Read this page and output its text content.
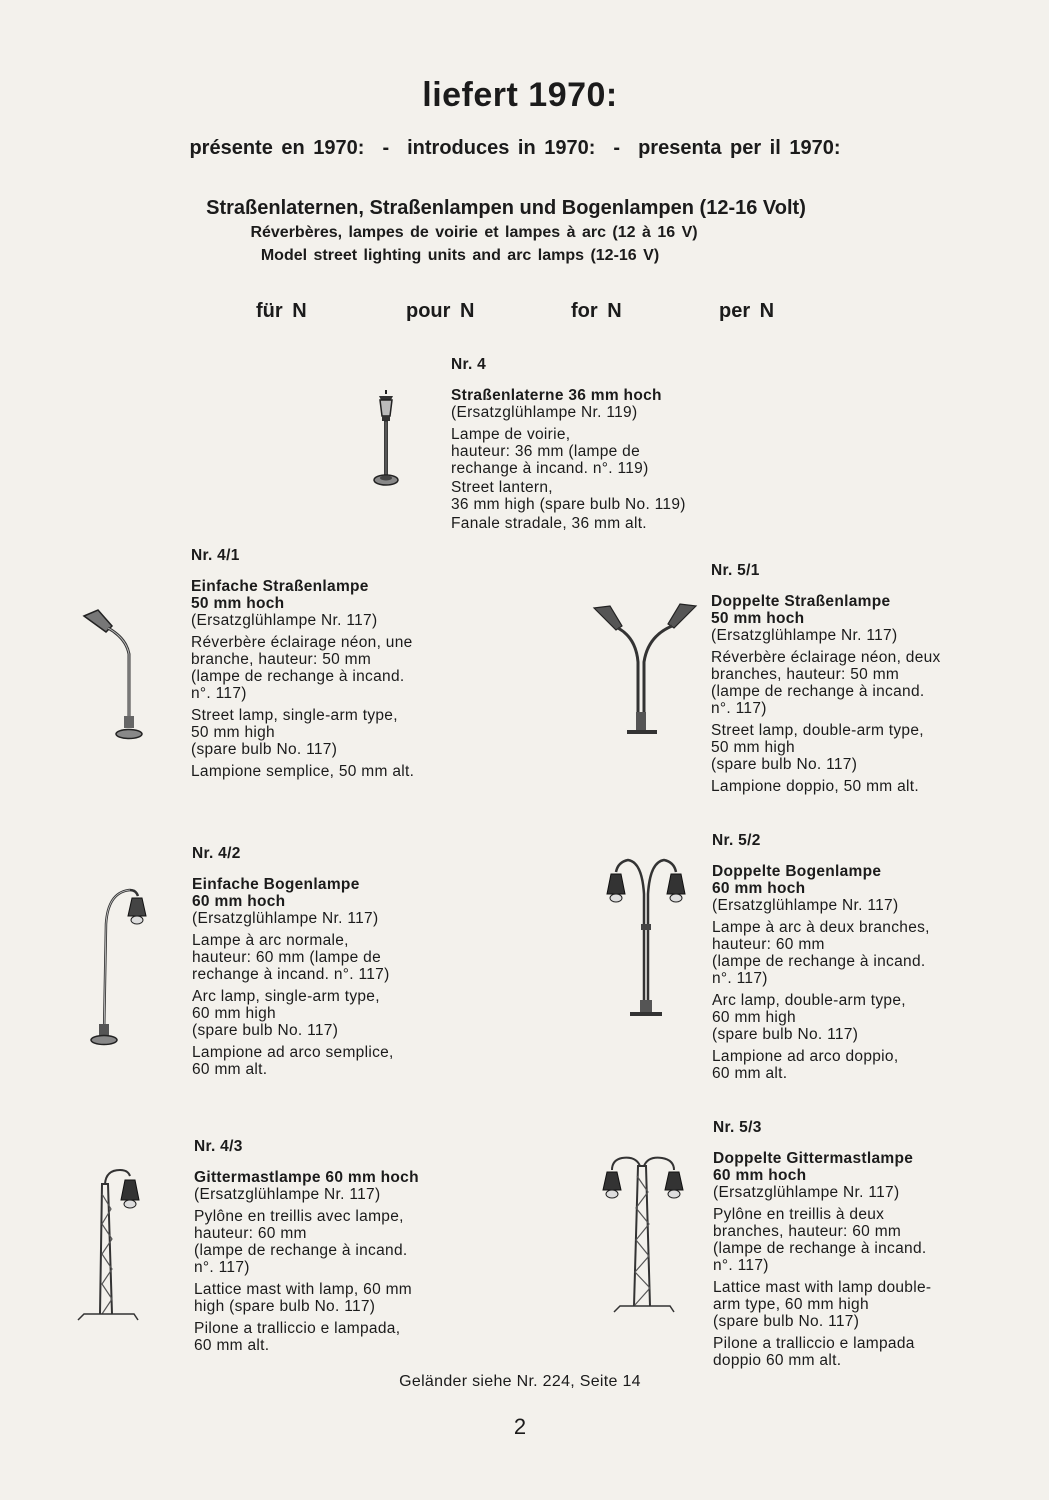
liefert 1970:
présente en 1970: - introduces in 1970: - presenta per il 1970:
Straßenlaternen, Straßenlampen und Bogenlampen (12-16 Volt)
Réverbères, lampes de voirie et lampes à arc (12 à 16 V)
Model street lighting units and arc lamps (12-16 V)
für N	pour N	for N	per N
Nr. 4
Straßenlaterne 36 mm hoch
(Ersatzglühlampe Nr. 119)
Lampe de voirie,
hauteur: 36 mm (lampe de
rechange à incand. n°. 119)
Street lantern,
36 mm high (spare bulb No. 119)
Fanale stradale, 36 mm alt.
Nr. 4/1
Einfache Straßenlampe
50 mm hoch
(Ersatzglühlampe Nr. 117)
Réverbère éclairage néon, une
branche, hauteur: 50 mm
(lampe de rechange à incand.
n°. 117)
Street lamp, single-arm type,
50 mm high
(spare bulb No. 117)
Lampione semplice, 50 mm alt.
Nr. 5/1
Doppelte Straßenlampe
50 mm hoch
(Ersatzglühlampe Nr. 117)
Réverbère éclairage néon, deux
branches, hauteur: 50 mm
(lampe de rechange à incand.
n°. 117)
Street lamp, double-arm type,
50 mm high
(spare bulb No. 117)
Lampione doppio, 50 mm alt.
Nr. 4/2
Einfache Bogenlampe
60 mm hoch
(Ersatzglühlampe Nr. 117)
Lampe à arc normale,
hauteur: 60 mm (lampe de
rechange à incand. n°. 117)
Arc lamp, single-arm type,
60 mm high
(spare bulb No. 117)
Lampione ad arco semplice,
60 mm alt.
Nr. 5/2
Doppelte Bogenlampe
60 mm hoch
(Ersatzglühlampe Nr. 117)
Lampe à arc à deux branches,
hauteur: 60 mm
(lampe de rechange à incand.
n°. 117)
Arc lamp, double-arm type,
60 mm high
(spare bulb No. 117)
Lampione ad arco doppio,
60 mm alt.
Nr. 4/3
Gittermastlampe 60 mm hoch
(Ersatzglühlampe Nr. 117)
Pylône en treillis avec lampe,
hauteur: 60 mm
(lampe de rechange à incand.
n°. 117)
Lattice mast with lamp, 60 mm
high (spare bulb No. 117)
Pilone a tralliccio e lampada,
60 mm alt.
Nr. 5/3
Doppelte Gittermastlampe
60 mm hoch
(Ersatzglühlampe Nr. 117)
Pylône en treillis à deux
branches, hauteur: 60 mm
(lampe de rechange à incand.
n°. 117)
Lattice mast with lamp double-
arm type, 60 mm high
(spare bulb No. 117)
Pilone a tralliccio e lampada
doppio 60 mm alt.
Geländer siehe Nr. 224, Seite 14
2
